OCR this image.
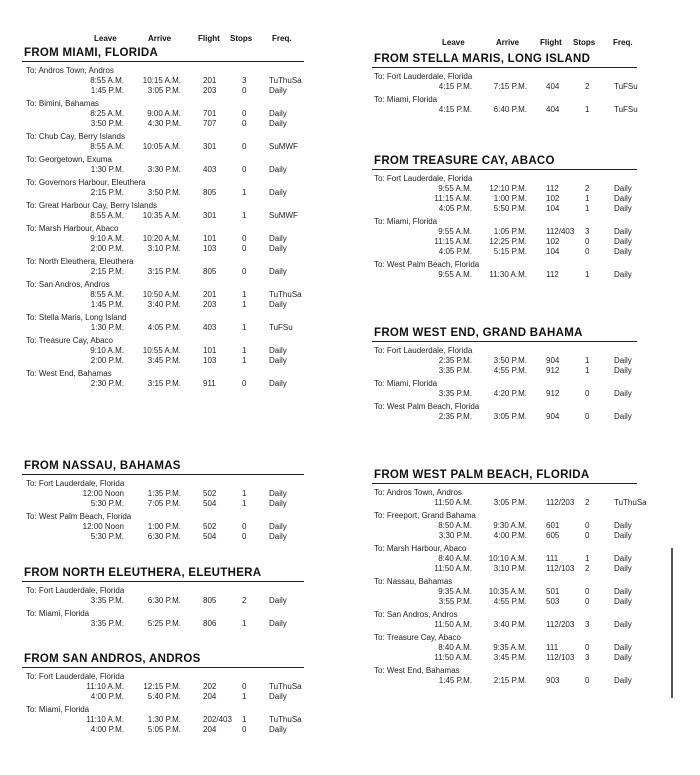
Leave	Arrive	Flight Stops Freq.
FROM MIAMI, FLORIDA
To: Andros Town, Andros
8:55 A.M. 10:15 A.M.	201	3	TuThuSa
1:45 P.M.	3:05 P.M.	203	0	Daily
To: Bimini, Bahamas
8:25 A.M.	9:00 A.M.	701	0	Daily
3:50 P.M.	4:30 P.M.	707	0	Daily
To: Chub Cay, Berry Islands
8:55 A.M. 10:05 A.M.	301	0	SuMWF
To: Georgetown, Exuma
1:30 P.M.	3:30 P.M.	403	0	Daily
To: Governors Harbour, Eleuthera
2:15 P.M.	3:50 P.M.	805	1	Daily
To: Great Harbour Cay, Berry Islands
8:55 A.M. 10:35 A.M.	301	1	SuMWF
To: Marsh Harbour, Abaco
9:10 A.M. 10:20 A.M.	101	0	Daily
2:00 P.M.	3:10 P.M.	103	0	Daily
To: North Eleuthera, Eleuthera
2:15 P.M.	3:15 P.M.	805	0	Daily
To: San Andros, Andros
8:55 A.M. 10:50 A.M.	201	1	TuThuSa
1:45 P.M.	3:40 P.M.	203	1	Daily
To: Stella Maris, Long Island
1:30 P.M.	4:05 P.M.	403	1	TuFSu
To: Treasure Cay, Abaco
9:10 A.M. 10:55 A.M.	101	1	Daily
2:00 P.M.	3:45 P.M.	103	1	Daily
To: West End, Bahamas
2:30 P.M.	3:15 P.M.	911	0	Daily
FROM NASSAU, BAHAMAS
To: Fort Lauderdale, Florida
12:00 Noon	1:35 P.M.	502	1	Daily
5:30 P.M.	7:05 P.M.	504	1	Daily
To: West Palm Beach, Florida
12:00 Noon	1:00 P.M.	502	0	Daily
5:30 P.M.	6:30 P.M.	504	0	Daily
FROM NORTH ELEUTHERA, ELEUTHERA
To: Fort Lauderdale, Florida
3:35 P.M.	6:30 P.M.	805	2	Daily
To: Miami, Florida
3:35 P.M.	5:25 P.M.	806	1	Daily
FROM SAN ANDROS, ANDROS
To: Fort Lauderdale, Florida
11:10 A.M. 12:15 P.M.	202	0	TuThuSa
4:00 P.M.	5:40 P.M.	204	1	Daily
To: Miami, Florida
11:10 A.M.	1:30 P.M.	202/403 1	TuThuSa
4:00 P.M.	5:05 P.M.	204	0	Daily
Leave	Arrive	Flight Stops Freq.
FROM STELLA MARIS, LONG ISLAND
To: Fort Lauderdale, Florida
4:15 P.M.	7:15 P.M. 404	2	TuFSu
To: Miami, Florida
4:15 P.M.	6:40 P.M. 404	1	TuFSu
FROM TREASURE CAY, ABACO
To: Fort Lauderdale, Florida
9:55 A.M. 12:10 P.M. 112	2	Daily
11:15 A.M.	1:00 P.M. 102	1	Daily
4:05 P.M.	5:50 P.M. 104	1	Daily
To: Miami, Florida
9:55 A.M.	1:05 P.M. 112/403 3	Daily
11:15 A.M. 12:25 P.M. 102	0	Daily
4:05 P.M.	5:15 P.M. 104	0	Daily
To: West Palm Beach, Florida
9:55 A.M. 11:30 A.M. 112	1	Daily
FROM WEST END, GRAND BAHAMA
To: Fort Lauderdale, Florida
2:35 P.M.	3:50 P.M. 904	1	Daily
3:35 P.M.	4:55 P.M. 912	1	Daily
To: Miami, Florida
3:35 P.M.	4:20 P.M. 912	0	Daily
To: West Palm Beach, Florida
2:35 P.M.	3:05 P.M. 904	0	Daily
FROM WEST PALM BEACH, FLORIDA
To: Andros Town, Andros
11:50 A.M.	3:05 P.M. 112/203 2	TuThuSa
To: Freeport, Grand Bahama
8:50 A.M.	9:30 A.M. 601	0	Daily
3:30 P.M.	4:00 P.M. 605	0	Daily
To: Marsh Harbour, Abaco
8:40 A.M. 10:10 A.M. 111	1	Daily
11:50 A.M.	3:10 P.M. 112/103 2	Daily
To: Nassau, Bahamas
9:35 A.M. 10:35 A.M. 501	0	Daily
3:55 P.M.	4:55 P.M. 503	0	Daily
To: San Andros, Andros
11:50 A.M.	3:40 P.M. 112/203 3	Daily
To: Treasure Cay, Abaco
8:40 A.M.	9:35 A.M. 111	0	Daily
11:50 A.M.	3:45 P.M. 112/103 3	Daily
To: West End, Bahamas
1:45 P.M.	2:15 P.M. 903	0	Daily
